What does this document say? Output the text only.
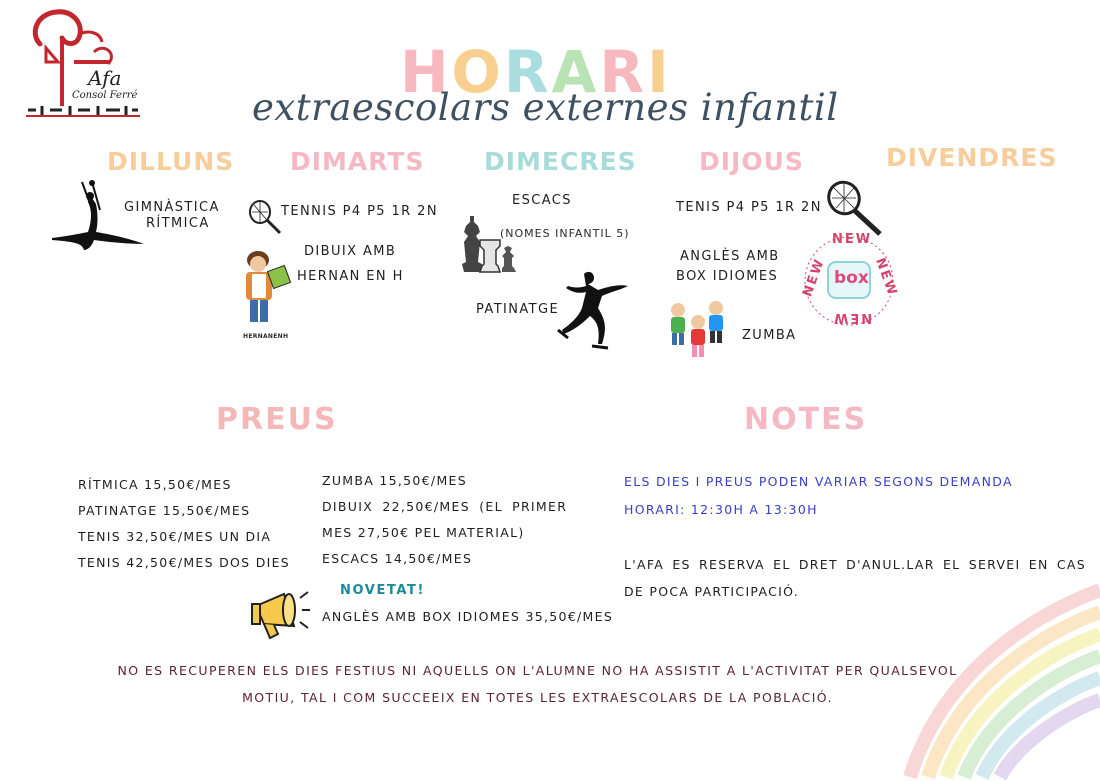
Afa
Consol Ferré	HORARI
extraescolars externes infantil
DILLUNS DIMARTS DIMECRES DIJOUS	DIVENDRES
GIMNÀSTICA
RÍTMICA
TENNIS P4 P5 1R 2N
DIBUIX AMB
HERNAN EN H
HERNANENH
ESCACS
(NOMES INFANTIL 5)
PATINATGE
TENIS P4 P5 1R 2N
ANGLÈS AMB
BOX IDIOMES
NEW
NEW	NEW
NEW
box
ZUMBA
PREUS	NOTES
RÍTMICA 15,50€/MES
PATINATGE 15,50€/MES
TENIS 32,50€/MES UN DIA
TENIS 42,50€/MES DOS DIES
ZUMBA 15,50€/MES
DIBUIX 22,50€/MES (EL PRIMER
MES 27,50€ PEL MATERIAL)
ESCACS 14,50€/MES
NOVETAT!
ANGLÈS AMB BOX IDIOMES 35,50€/MES
ELS DIES I PREUS PODEN VARIAR SEGONS DEMANDA
HORARI: 12:30H A 13:30H
L'AFA ES RESERVA EL DRET D'ANUL.LAR EL SERVEI EN CAS
DE POCA PARTICIPACIÓ.
NO ES RECUPEREN ELS DIES FESTIUS NI AQUELLS ON L'ALUMNE NO HA ASSISTIT A L'ACTIVITAT PER QUALSEVOL
MOTIU, TAL I COM SUCCEEIX EN TOTES LES EXTRAESCOLARS DE LA POBLACIÓ.
